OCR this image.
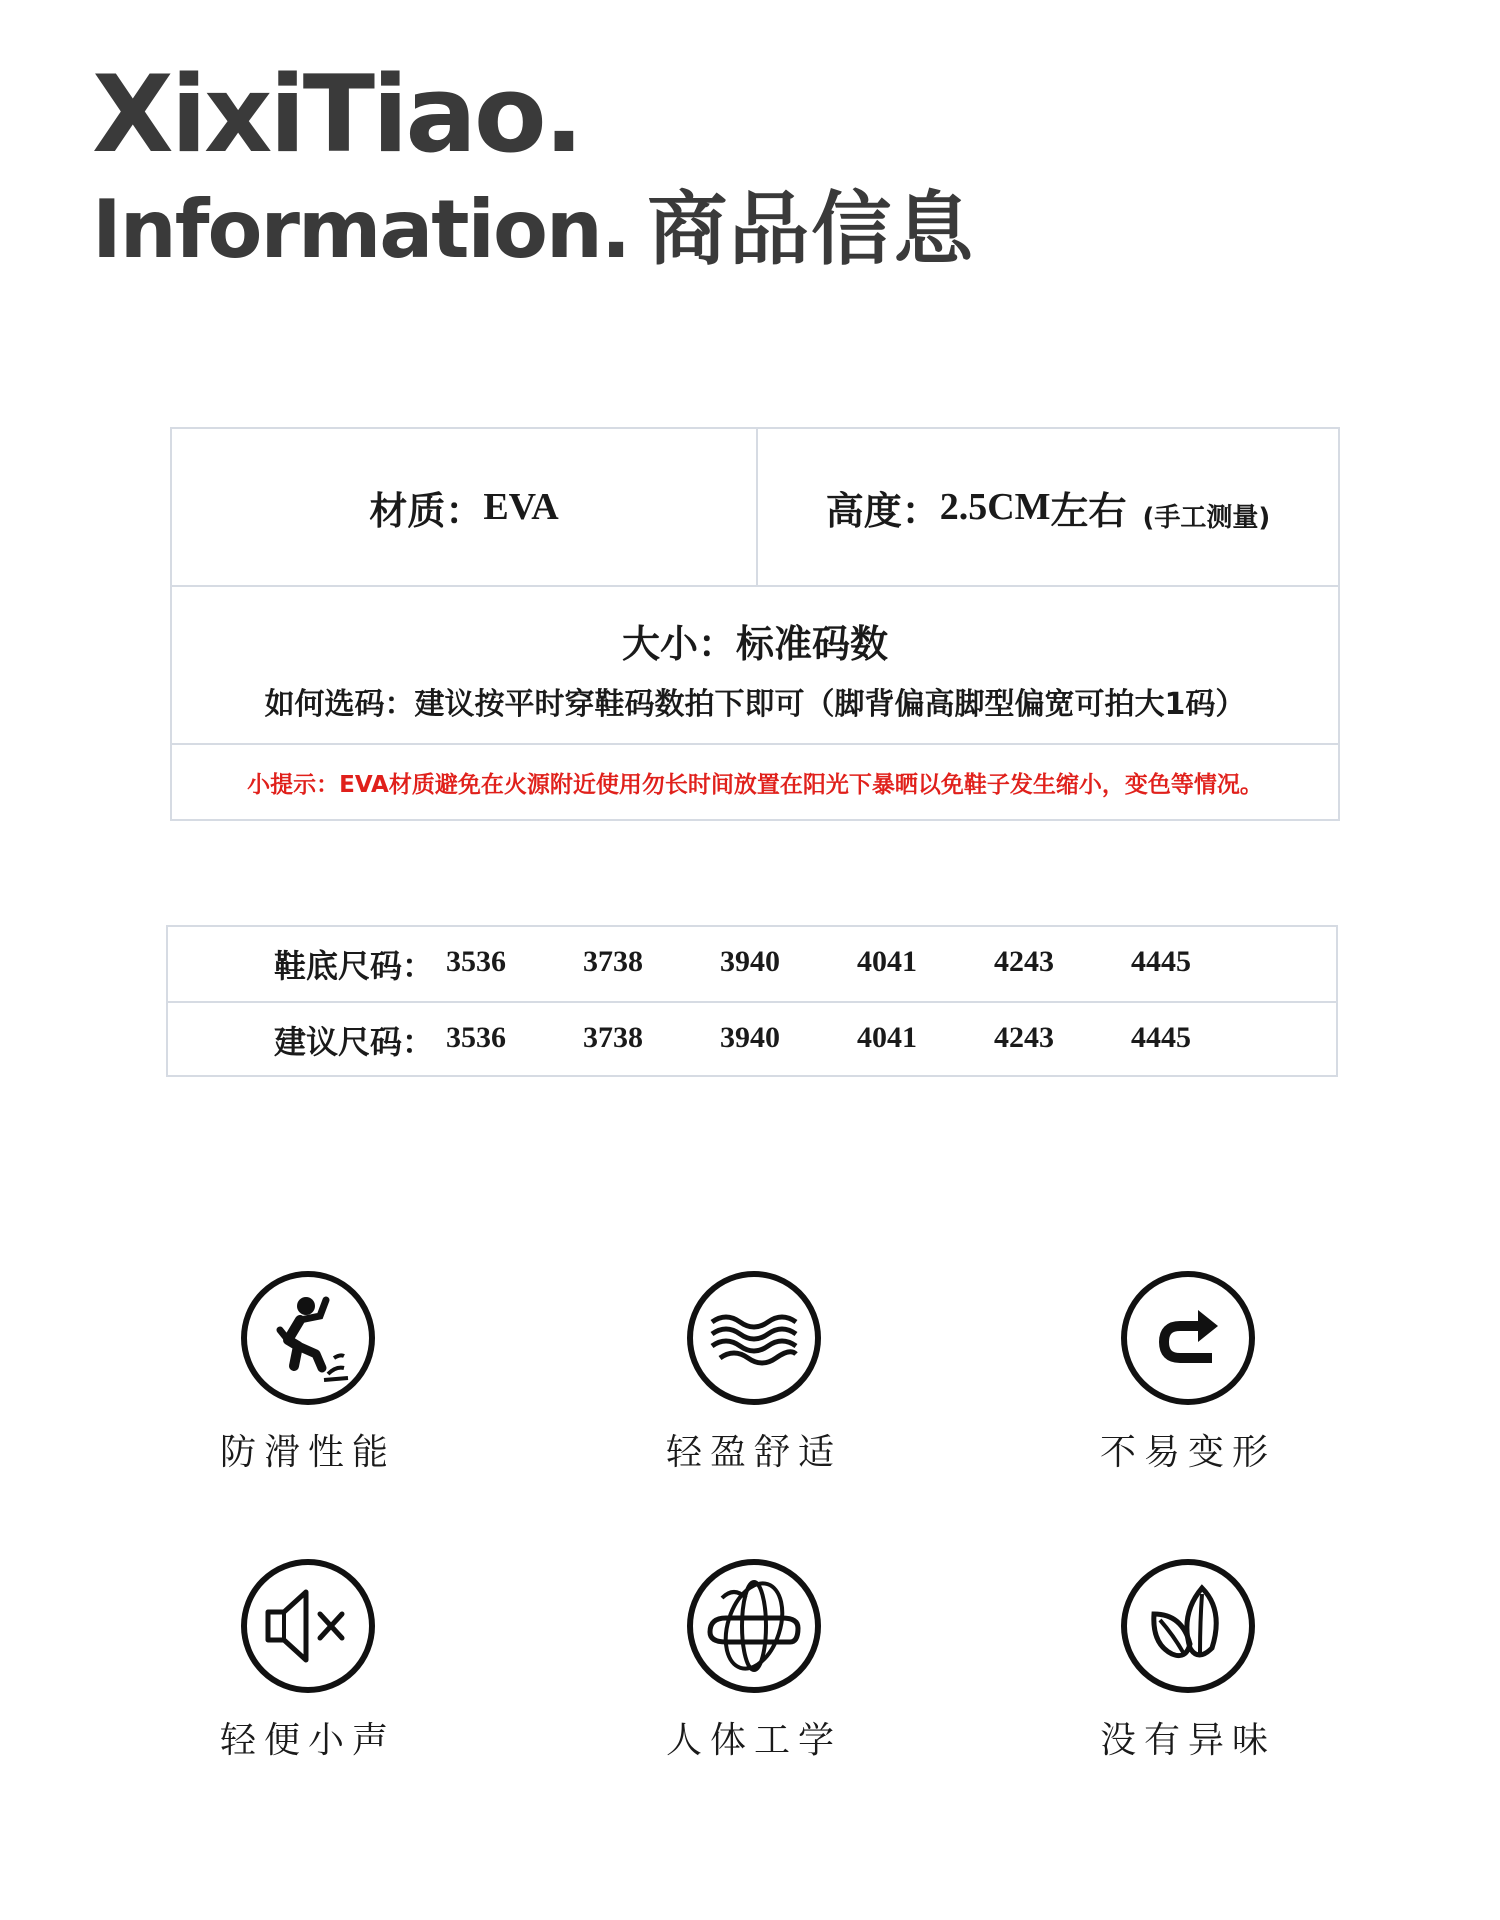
XixiTiao.
Information. 商品信息
材质： EVA	高度： 2.5CM 左右 (手工测量)
大小：标准码数
如何选码：建议按平时穿鞋码数拍下即可（脚背偏高脚型偏宽可拍大1码）
小提示：EVA材质避免在火源附近使用勿长时间放置在阳光下暴晒以免鞋子发生缩小，变色等情况。
鞋底尺码： 3536	3738	3940	4041	4243	4445
建议尺码： 3536	3738	3940	4041	4243	4445
防滑性能	轻盈舒适	不易变形
轻便小声	人体工学	没有异味
